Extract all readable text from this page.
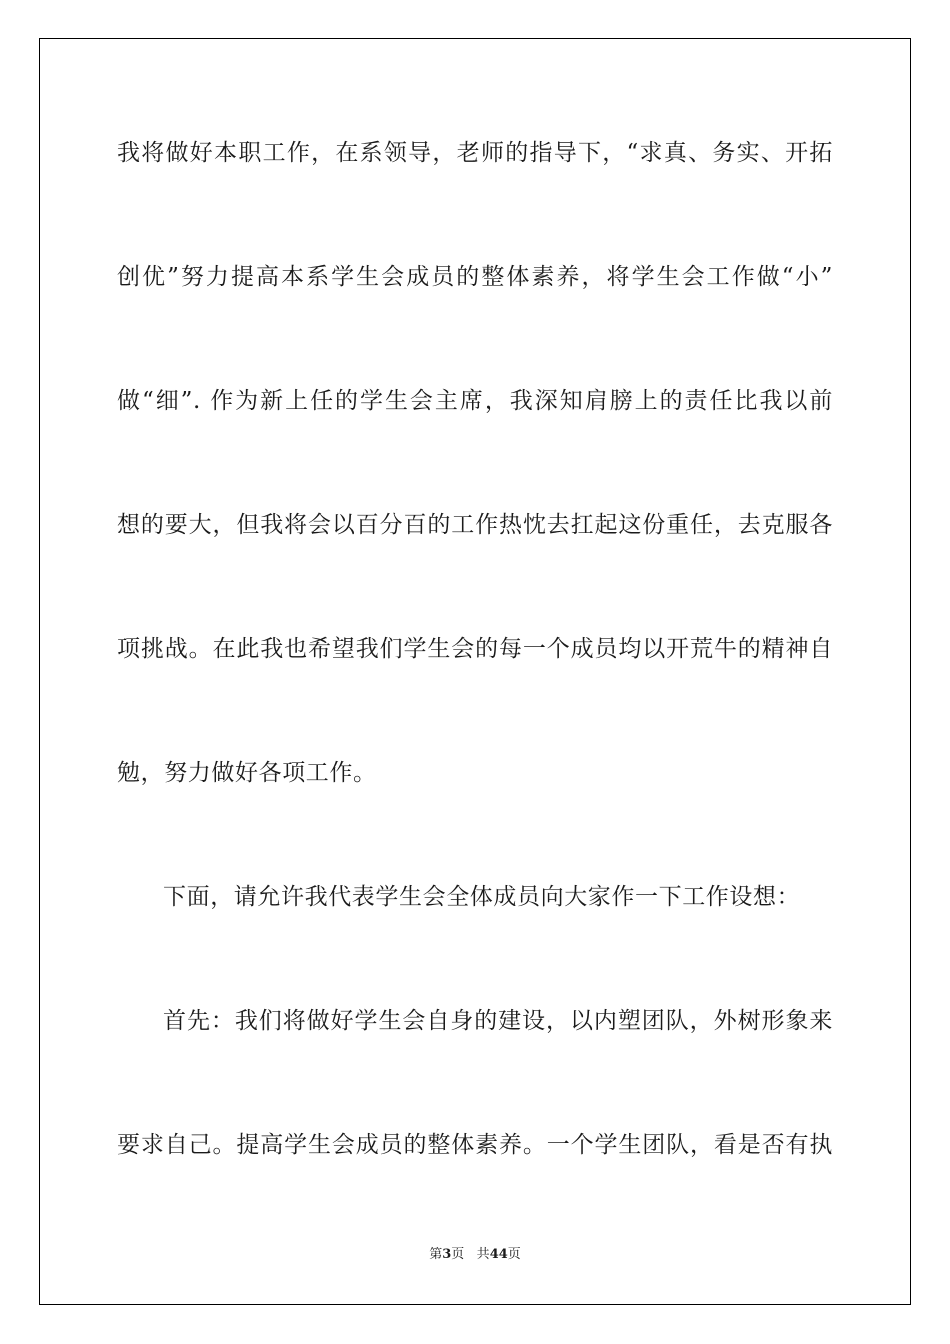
我将做好本职工作，在系领导，老师的指导下，“求真、务实、开拓
创优”努力提高本系学生会成员的整体素养，将学生会工作做“小”
做“细”. 作为新上任的学生会主席，我深知肩膀上的责任比我以前
想的要大，但我将会以百分百的工作热忱去扛起这份重任，去克服各
项挑战。在此我也希望我们学生会的每一个成员均以开荒牛的精神自
勉，努力做好各项工作。
下面，请允许我代表学生会全体成员向大家作一下工作设想：
首先：我们将做好学生会自身的建设，以内塑团队，外树形象来
要求自己。提高学生会成员的整体素养。一个学生团队，看是否有执
第3页 共44页
